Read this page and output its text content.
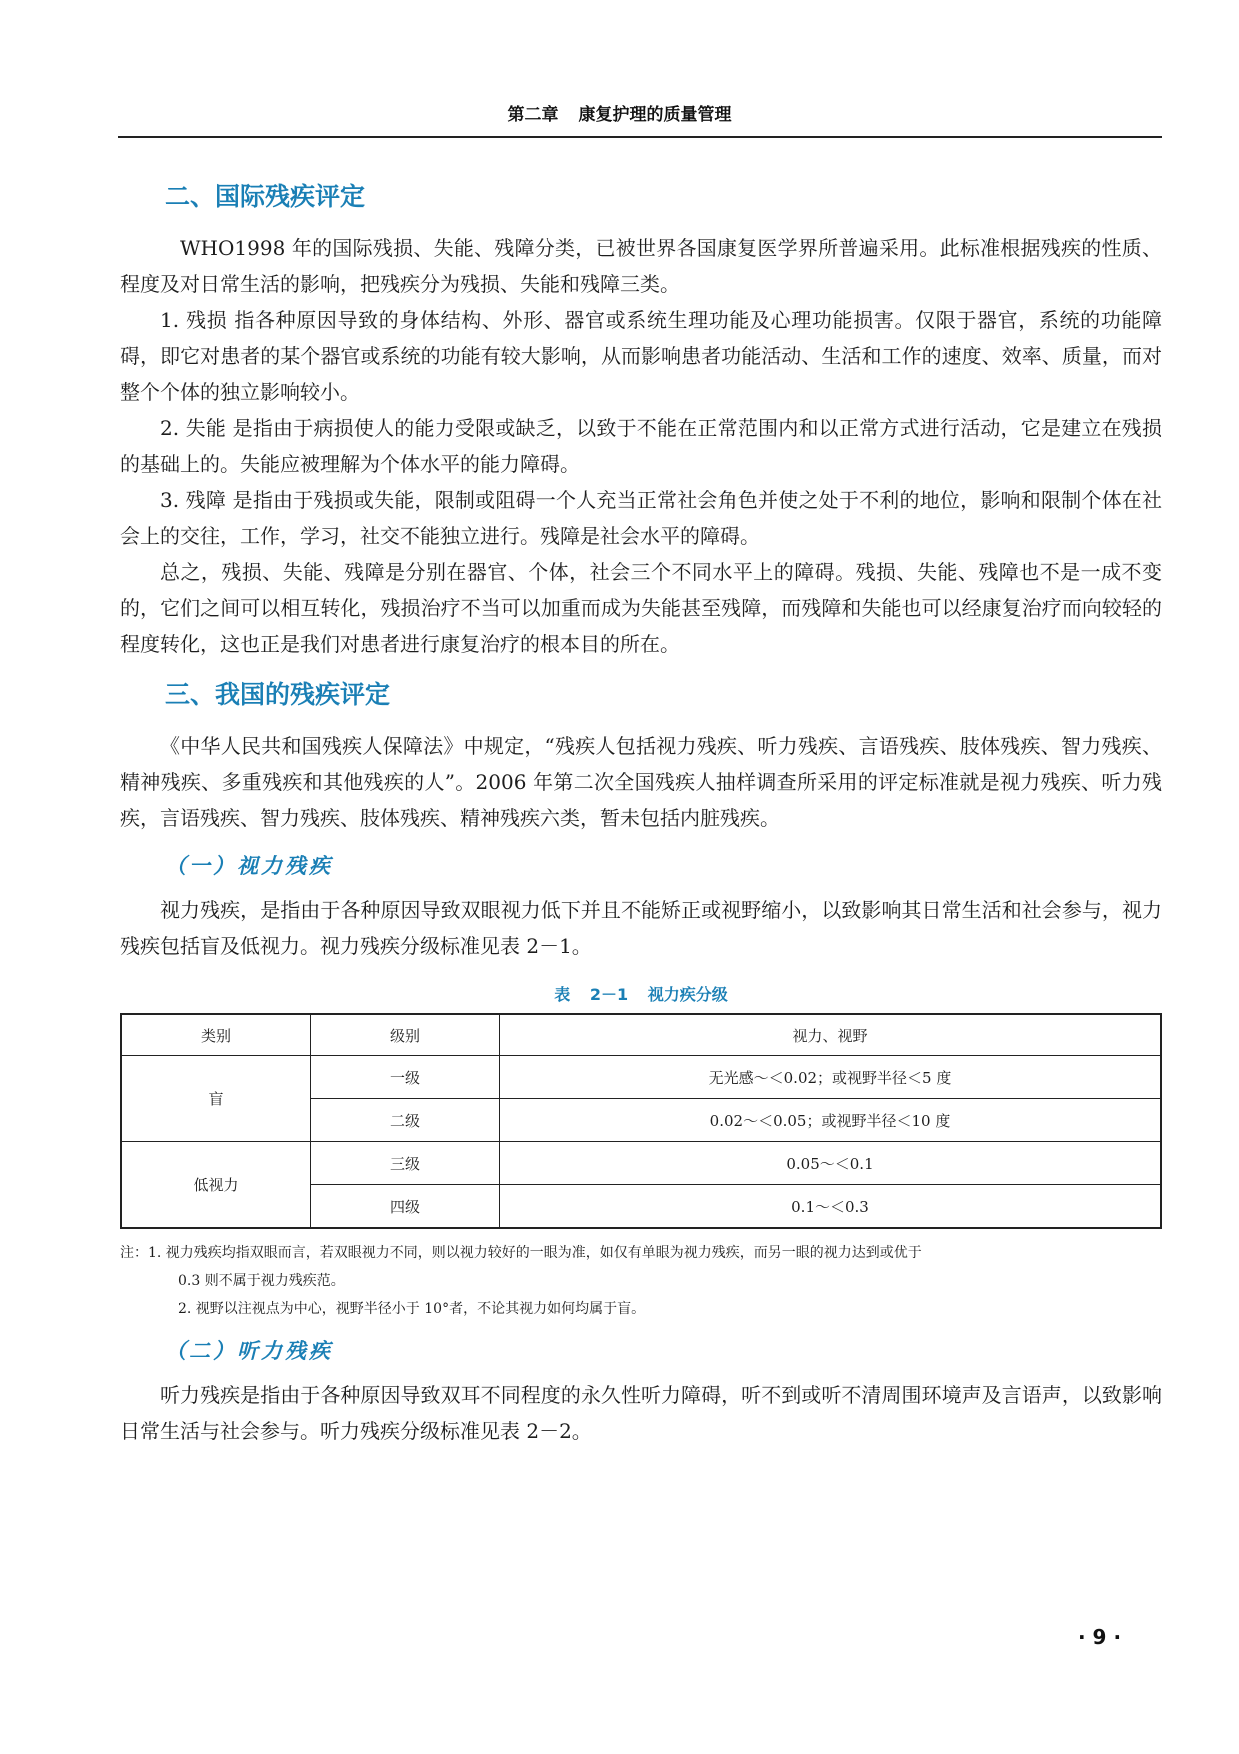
第二章 康复护理的质量管理
二、国际残疾评定

WHO1998 年的国际残损、失能、残障分类，已被世界各国康复医学界所普遍采用。此标准根据残疾的性质、程度及对日常生活的影响，把残疾分为残损、失能和残障三类。

1. 残损 指各种原因导致的身体结构、外形、器官或系统生理功能及心理功能损害。仅限于器官，系统的功能障碍，即它对患者的某个器官或系统的功能有较大影响，从而影响患者功能活动、生活和工作的速度、效率、质量，而对整个个体的独立影响较小。

2. 失能 是指由于病损使人的能力受限或缺乏，以致于不能在正常范围内和以正常方式进行活动，它是建立在残损的基础上的。失能应被理解为个体水平的能力障碍。

3. 残障 是指由于残损或失能，限制或阻碍一个人充当正常社会角色并使之处于不利的地位，影响和限制个体在社会上的交往，工作，学习，社交不能独立进行。残障是社会水平的障碍。

总之，残损、失能、残障是分别在器官、个体，社会三个不同水平上的障碍。残损、失能、残障也不是一成不变的，它们之间可以相互转化，残损治疗不当可以加重而成为失能甚至残障，而残障和失能也可以经康复治疗而向较轻的程度转化，这也正是我们对患者进行康复治疗的根本目的所在。

三、我国的残疾评定

《中华人民共和国残疾人保障法》中规定，“残疾人包括视力残疾、听力残疾、言语残疾、肢体残疾、智力残疾、精神残疾、多重残疾和其他残疾的人”。2006 年第二次全国残疾人抽样调查所采用的评定标准就是视力残疾、听力残疾，言语残疾、智力残疾、肢体残疾、精神残疾六类，暂未包括内脏残疾。

（一）视力残疾

视力残疾，是指由于各种原因导致双眼视力低下并且不能矫正或视野缩小，以致影响其日常生活和社会参与，视力残疾包括盲及低视力。视力残疾分级标准见表 2－1。

表 2－1 视力疾分级
类别	级别	视力、视野
盲	一级	无光感～＜0.02；或视野半径＜5 度
	二级	0.02～＜0.05；或视野半径＜10 度
低视力	三级	0.05～＜0.1
	四级	0.1～＜0.3
注：1. 视力残疾均指双眼而言，若双眼视力不同，则以视力较好的一眼为准，如仅有单眼为视力残疾，而另一眼的视力达到或优于
0.3 则不属于视力残疾范。
2. 视野以注视点为中心，视野半径小于 10°者，不论其视力如何均属于盲。
（二）听力残疾

听力残疾是指由于各种原因导致双耳不同程度的永久性听力障碍，听不到或听不清周围环境声及言语声，以致影响日常生活与社会参与。听力残疾分级标准见表 2－2。

· 9 ·
